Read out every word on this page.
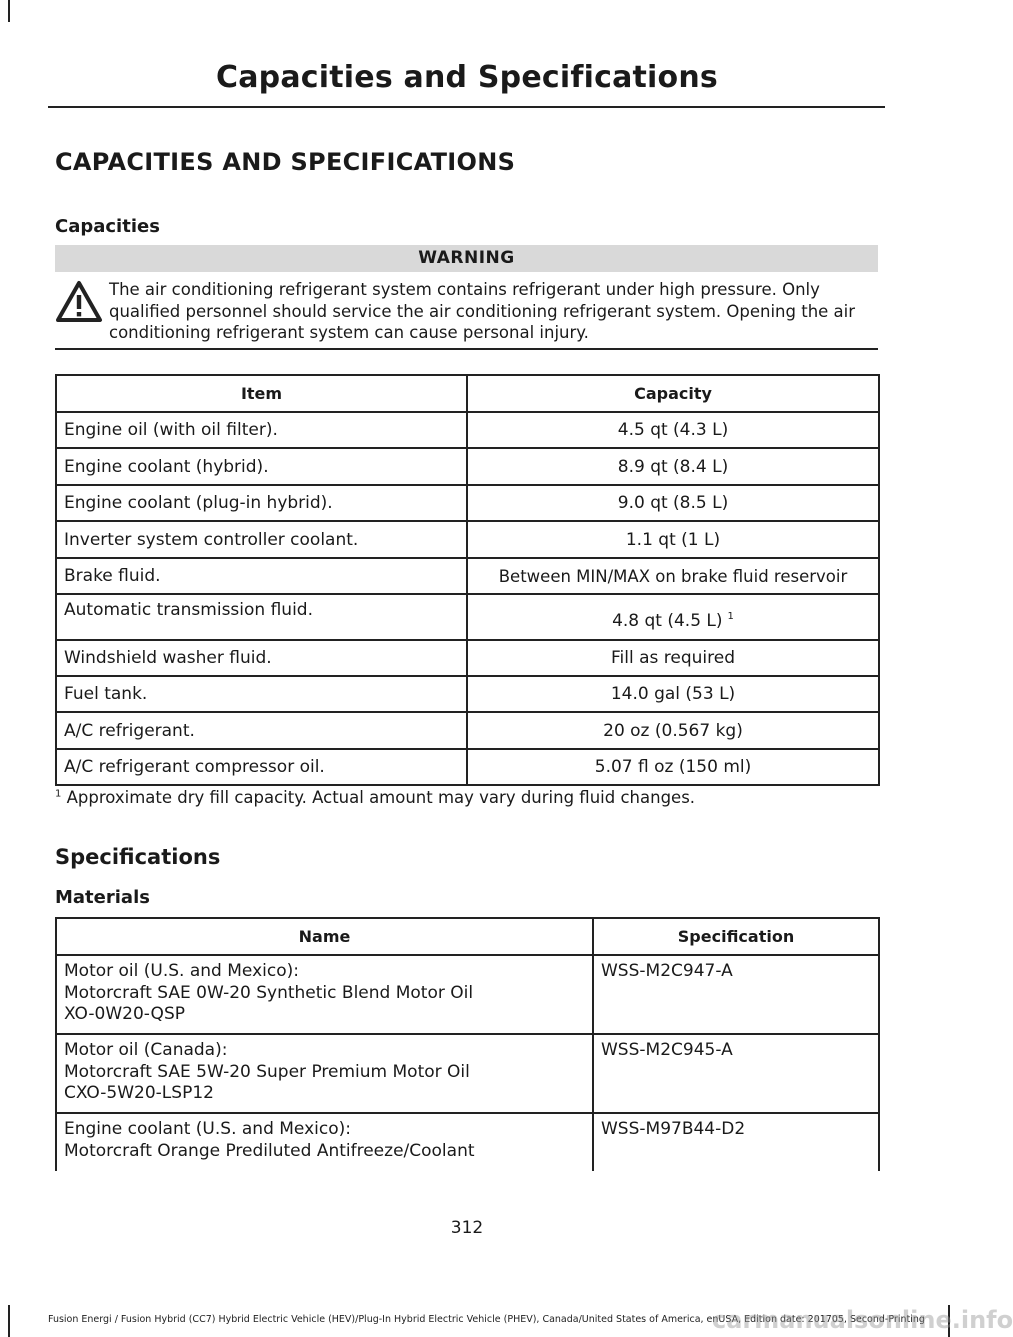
Capacities and Specifications
CAPACITIES AND SPECIFICATIONS
Capacities
WARNING
The air conditioning refrigerant system contains refrigerant under high pressure. Only qualified personnel should service the air conditioning refrigerant system. Opening the air conditioning refrigerant system can cause personal injury.
Item	Capacity
Engine oil (with oil filter).	4.5 qt (4.3 L)
Engine coolant (hybrid).	8.9 qt (8.4 L)
Engine coolant (plug-in hybrid).	9.0 qt (8.5 L)
Inverter system controller coolant.	1.1 qt (1 L)
Brake fluid.	Between MIN/MAX on brake fluid reservoir
Automatic transmission fluid.	4.8 qt (4.5 L) $^1$
Windshield washer fluid.	Fill as required
Fuel tank.	14.0 gal (53 L)
A/C refrigerant.	20 oz (0.567 kg)
A/C refrigerant compressor oil.	5.07 fl oz (150 ml)
$^1$ Approximate dry fill capacity. Actual amount may vary during fluid changes.
Specifications
Materials
Name	Specification

Motor oil (U.S. and Mexico):
Motorcraft SAE 0W-20 Synthetic Blend Motor Oil
XO-0W20-QSP	WSS-M2C947-A

Motor oil (Canada):
Motorcraft SAE 5W-20 Super Premium Motor Oil
CXO-5W20-LSP12	WSS-M2C945-A

Engine coolant (U.S. and Mexico):
Motorcraft Orange Prediluted Antifreeze/Coolant	WSS-M97B44-D2
312
Fusion Energi / Fusion Hybrid (CC7) Hybrid Electric Vehicle (HEV)/Plug-In Hybrid Electric Vehicle (PHEV), Canada/United States of America, enUSA, Edition date: 201705, Second-Printing
carmanualsonline.info
